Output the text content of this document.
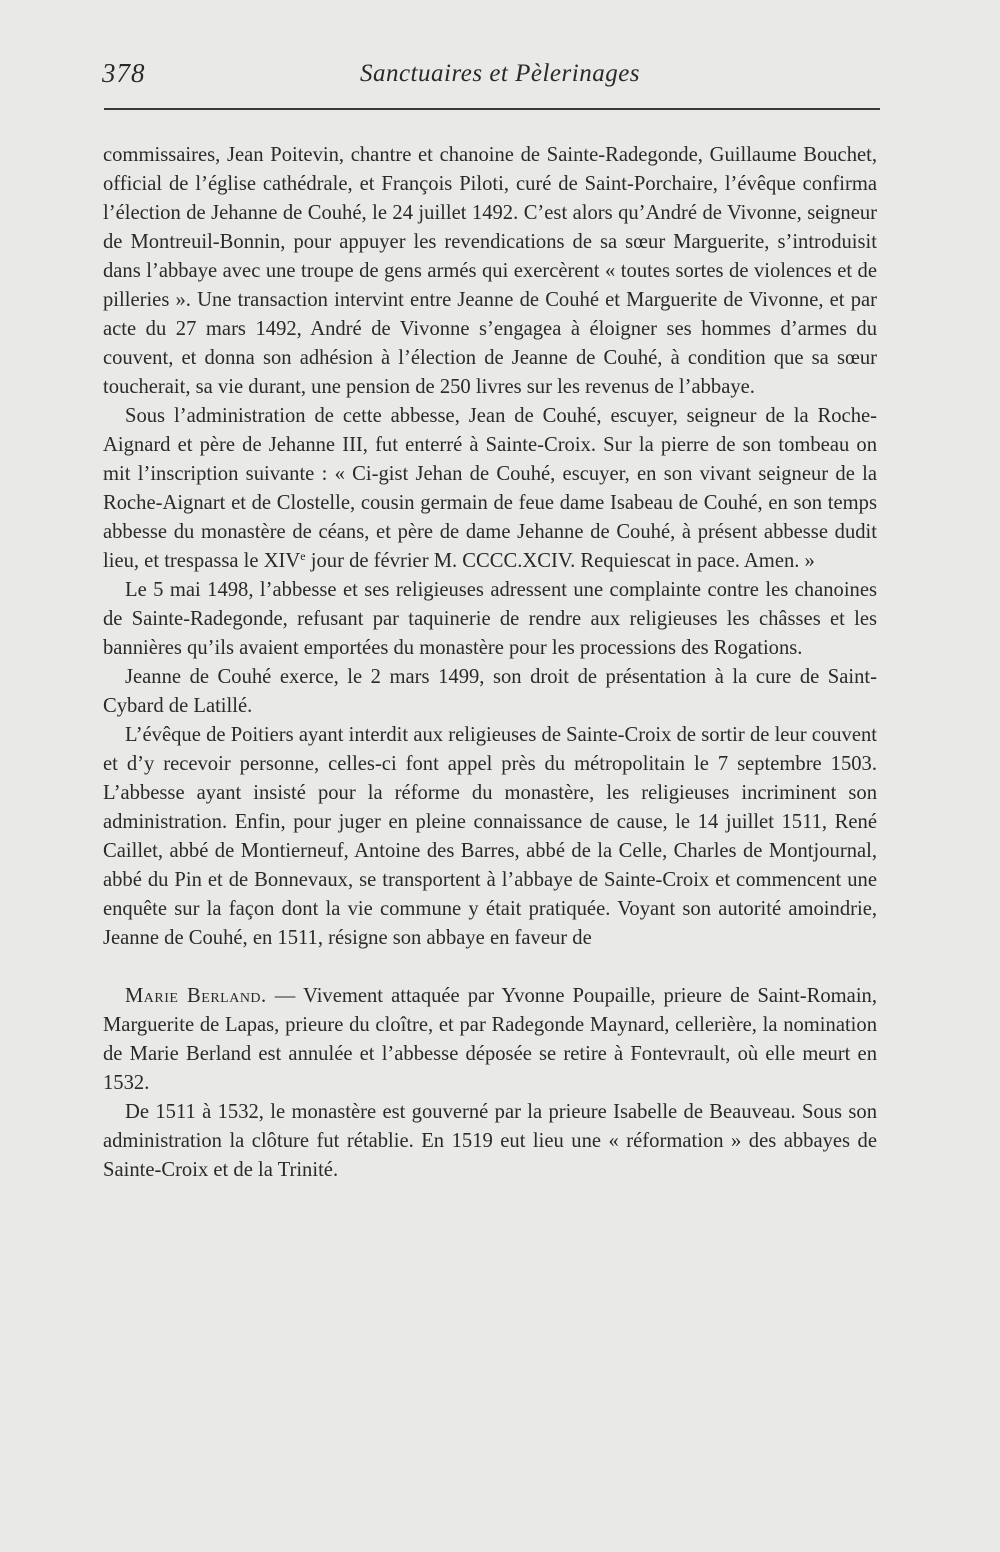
378	Sanctuaires et Pèlerinages

commissaires, Jean Poitevin, chantre et chanoine de Sainte-Radegonde, Guillaume Bouchet, official de l’église cathédrale, et François Piloti, curé de Saint-Porchaire, l’évêque confirma l’élection de Jehanne de Couhé, le 24 juillet 1492. C’est alors qu’André de Vivonne, seigneur de Montreuil-Bonnin, pour appuyer les revendications de sa sœur Marguerite, s’introduisit dans l’abbaye avec une troupe de gens armés qui exercèrent « toutes sortes de violences et de pilleries ». Une transaction intervint entre Jeanne de Couhé et Marguerite de Vivonne, et par acte du 27 mars 1492, André de Vivonne s’engagea à éloigner ses hommes d’armes du couvent, et donna son adhésion à l’élection de Jeanne de Couhé, à condition que sa sœur toucherait, sa vie durant, une pension de 250 livres sur les revenus de l’abbaye.

Sous l’administration de cette abbesse, Jean de Couhé, escuyer, seigneur de la Roche-Aignard et père de Jehanne III, fut enterré à Sainte-Croix. Sur la pierre de son tombeau on mit l’inscription suivante : « Ci-gist Jehan de Couhé, escuyer, en son vivant seigneur de la Roche-Aignart et de Clostelle, cousin germain de feue dame Isabeau de Couhé, en son temps abbesse du monastère de céans, et père de dame Jehanne de Couhé, à présent abbesse dudit lieu, et trespassa le XIVe jour de février M. CCCC.XCIV. Requiescat in pace. Amen. »

Le 5 mai 1498, l’abbesse et ses religieuses adressent une complainte contre les chanoines de Sainte-Radegonde, refusant par taquinerie de rendre aux religieuses les châsses et les bannières qu’ils avaient emportées du monastère pour les processions des Rogations.

Jeanne de Couhé exerce, le 2 mars 1499, son droit de présentation à la cure de Saint-Cybard de Latillé.

L’évêque de Poitiers ayant interdit aux religieuses de Sainte-Croix de sortir de leur couvent et d’y recevoir personne, celles-ci font appel près du métropolitain le 7 septembre 1503. L’abbesse ayant insisté pour la réforme du monastère, les religieuses incriminent son administration. Enfin, pour juger en pleine connaissance de cause, le 14 juillet 1511, René Caillet, abbé de Montierneuf, Antoine des Barres, abbé de la Celle, Charles de Montjournal, abbé du Pin et de Bonnevaux, se transportent à l’abbaye de Sainte-Croix et commencent une enquête sur la façon dont la vie commune y était pratiquée. Voyant son autorité amoindrie, Jeanne de Couhé, en 1511, résigne son abbaye en faveur de

Marie Berland. — Vivement attaquée par Yvonne Poupaille, prieure de Saint-Romain, Marguerite de Lapas, prieure du cloître, et par Radegonde Maynard, cellerière, la nomination de Marie Berland est annulée et l’abbesse déposée se retire à Fontevrault, où elle meurt en 1532.

De 1511 à 1532, le monastère est gouverné par la prieure Isabelle de Beauveau. Sous son administration la clôture fut rétablie. En 1519 eut lieu une « réformation » des abbayes de Sainte-Croix et de la Trinité.
